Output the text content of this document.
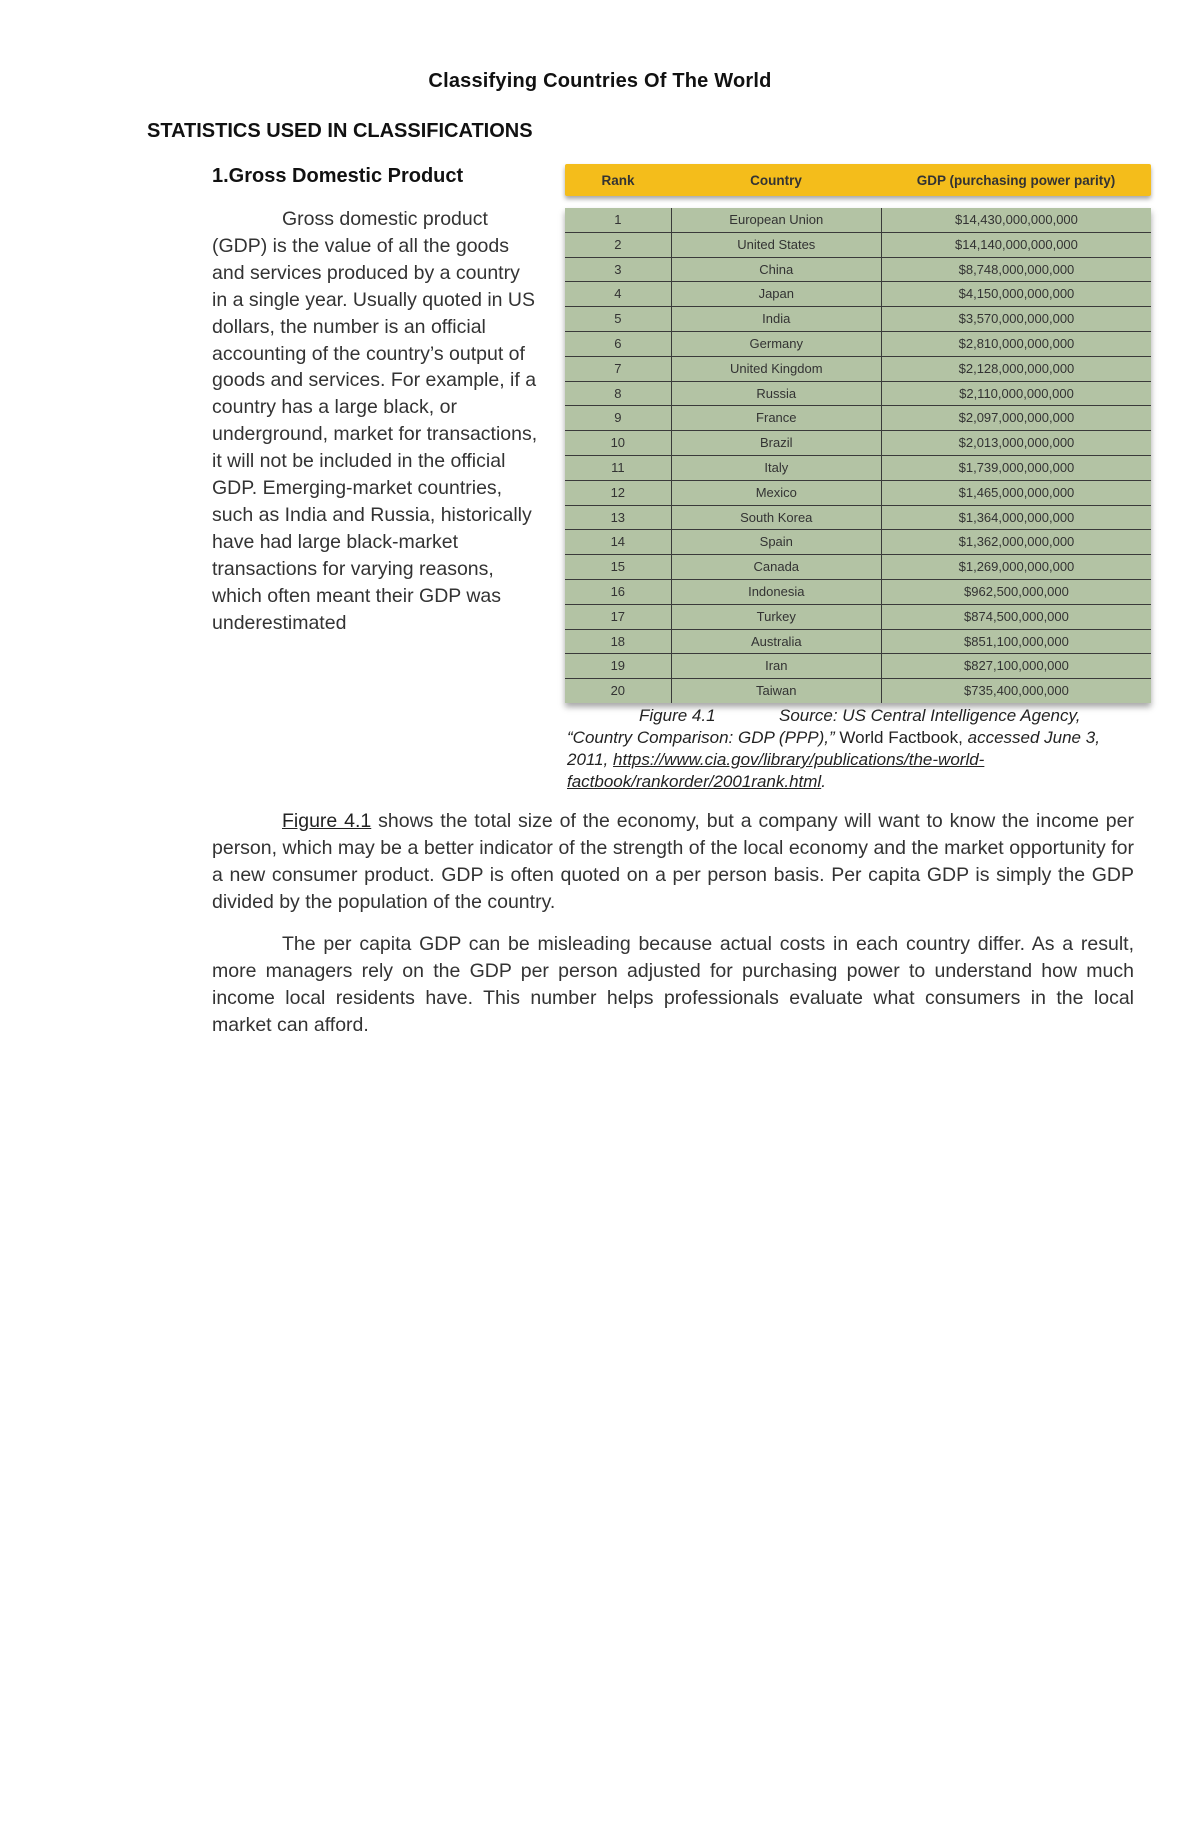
Classifying Countries Of The World
STATISTICS USED IN CLASSIFICATIONS
1.Gross Domestic Product
Gross domestic product (GDP) is the value of all the goods and services produced by a country in a single year. Usually quoted in US dollars, the number is an official accounting of the country’s output of goods and services. For example, if a country has a large black, or underground, market for transactions, it will not be included in the official GDP. Emerging-market countries, such as India and Russia, historically have had large black-market transactions for varying reasons, which often meant their GDP was underestimated
Rank	Country	GDP (purchasing power parity)
1	European Union	$14,430,000,000,000
2	United States	$14,140,000,000,000
3	China	$8,748,000,000,000
4	Japan	$4,150,000,000,000
5	India	$3,570,000,000,000
6	Germany	$2,810,000,000,000
7	United Kingdom	$2,128,000,000,000
8	Russia	$2,110,000,000,000
9	France	$2,097,000,000,000
10	Brazil	$2,013,000,000,000
11	Italy	$1,739,000,000,000
12	Mexico	$1,465,000,000,000
13	South Korea	$1,364,000,000,000
14	Spain	$1,362,000,000,000
15	Canada	$1,269,000,000,000
16	Indonesia	$962,500,000,000
17	Turkey	$874,500,000,000
18	Australia	$851,100,000,000
19	Iran	$827,100,000,000
20	Taiwan	$735,400,000,000
Figure 4.1	Source: US Central Intelligence Agency, “Country Comparison: GDP (PPP),” World Factbook, accessed June 3, 2011, https://www.cia.gov/library/publications/the-world-factbook/rankorder/2001rank.html.
Figure 4.1 shows the total size of the economy, but a company will want to know the income per person, which may be a better indicator of the strength of the local economy and the market opportunity for a new consumer product. GDP is often quoted on a per person basis. Per capita GDP is simply the GDP divided by the population of the country.
The per capita GDP can be misleading because actual costs in each country differ. As a result, more managers rely on the GDP per person adjusted for purchasing power to understand how much income local residents have. This number helps professionals evaluate what consumers in the local market can afford.
